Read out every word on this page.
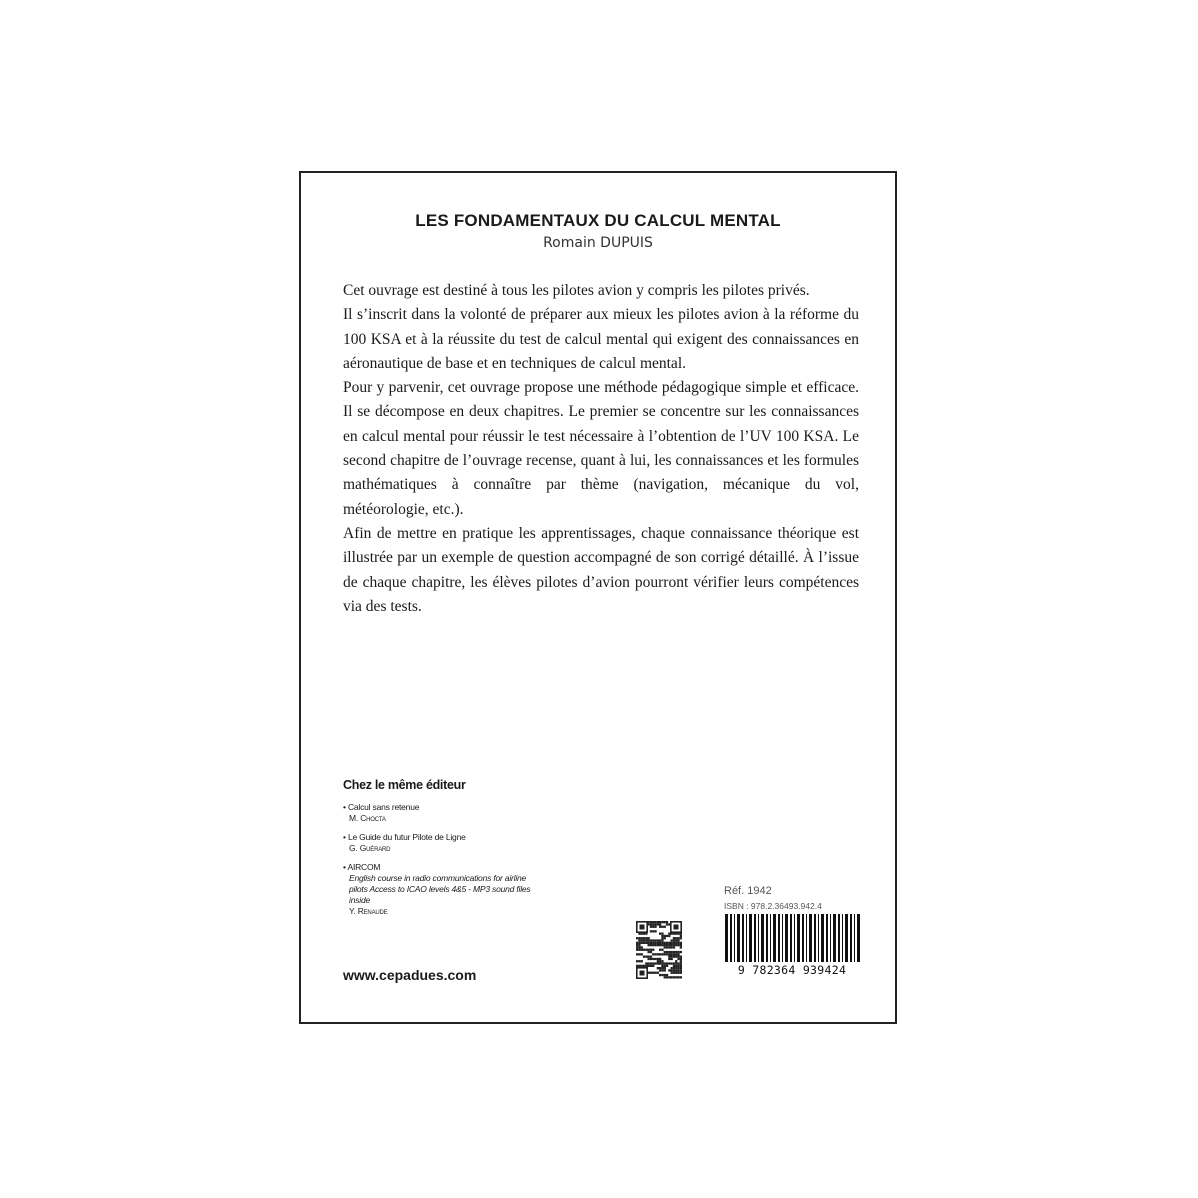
LES FONDAMENTAUX DU CALCUL MENTAL
Romain DUPUIS

Cet ouvrage est destiné à tous les pilotes avion y compris les pilotes privés.

Il s’inscrit dans la volonté de préparer aux mieux les pilotes avion à la réforme du 100 KSA et à la réussite du test de calcul mental qui exigent des connaissances en aéronautique de base et en techniques de calcul mental.

Pour y parvenir, cet ouvrage propose une méthode pédagogique simple et efficace. Il se décompose en deux chapitres. Le premier se concentre sur les connaissances en calcul mental pour réussir le test nécessaire à l’obtention de l’UV 100 KSA. Le second chapitre de l’ouvrage recense, quant à lui, les connaissances et les formules mathématiques à connaître par thème (navigation, mécanique du vol, météorologie, etc.).

Afin de mettre en pratique les apprentissages, chaque connaissance théorique est illustrée par un exemple de question accompagné de son corrigé détaillé. À l’issue de chaque chapitre, les élèves pilotes d’avion pourront vérifier leurs compétences via des tests.

Chez le même éditeur
• Calcul sans retenue
M. Chocta
• Le Guide du futur Pilote de Ligne
G. Guérard
• AIRCOM
English course in radio communications for airline pilots Access to ICAO levels 4&5 - MP3 sound files inside
Y. Renaude
www.cepadues.com
Réf. 1942
ISBN : 978.2.36493.942.4
9 782364 939424
